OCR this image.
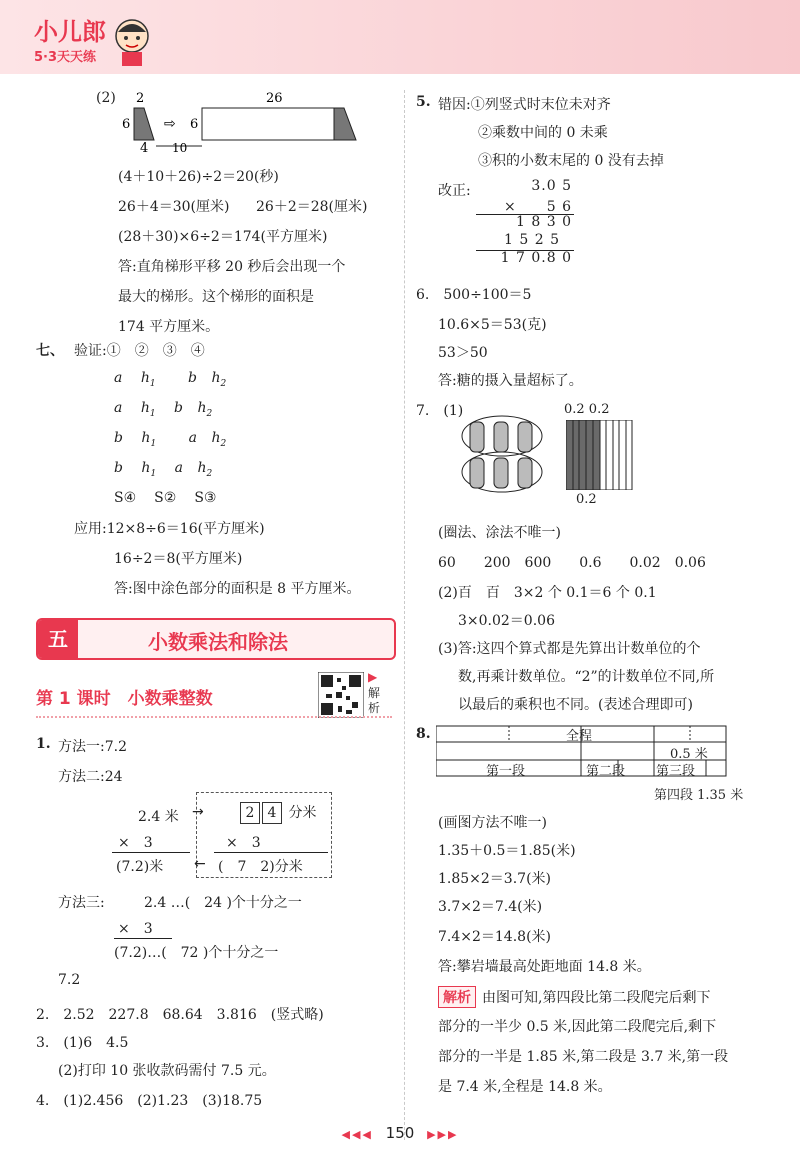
小儿郎
5·3天天练
(2) 2
6
4
⇨ 6
26
10
(4＋10＋26)÷2＝20(秒)
26＋4＝30(厘米) 26＋2＝28(厘米)
(28＋30)×6÷2＝174(平方厘米)
答:直角梯形平移 20 秒后会出现一个
最大的梯形。这个梯形的面积是
174 平方厘米。
七、 验证:①　②　③　④
a $h_1$ b $h_2$
a $h_1$ b $h_2$
b $h_1$ a $h_2$
b $h_1$ a $h_2$
S④ S② S③
应用:12×8÷6＝16(平方厘米)
16÷2＝8(平方厘米)
答:图中涂色部分的面积是 8 平方厘米。
五	小数乘法和除法
第 1 课时　小数乘整数
▶
解析
1. 方法一:7.2
方法二:24
2.4 米 →	2 4 分米
×　3	×　3
(7.2)米 ← (　7　2)分米
方法三:	2.4 …(　24 )个十分之一
×　3
(7.2)…(　72 )个十分之一
7.2
2.　2.52　227.8　68.64　3.816　(竖式略)
3.　(1)6　4.5
(2)打印 10 张收款码需付 7.5 元。
4.　(1)2.456　(2)1.23　(3)18.75
5. 错因:①列竖式时末位未对齐
②乘数中间的 0 未乘
③积的小数末尾的 0 没有去掉
改正:	3.0 5
×　　5 6
1 8 3 0
1 5 2 5
1 7 0.8 0
6.　500÷100＝5
10.6×5＝53(克)
53＞50
答:糖的摄入量超标了。
7.　(1)	0.2 0.2
0.2
(圈法、涂法不唯一)
60　　200　600　　0.6　　0.02　0.06
(2)百　百　3×2 个 0.1＝6 个 0.1
3×0.02＝0.06
(3)答:这四个算式都是先算出计数单位的个
数,再乘计数单位。“2”的计数单位不同,所
以最后的乘积也不同。(表述合理即可)
8.	全程
0.5 米
第一段	第二段 第三段
第四段 1.35 米
(画图方法不唯一)
1.35＋0.5＝1.85(米)
1.85×2＝3.7(米)
3.7×2＝7.4(米)
7.4×2＝14.8(米)
答:攀岩墙最高处距地面 14.8 米。
解析 由图可知,第四段比第二段爬完后剩下
部分的一半少 0.5 米,因此第二段爬完后,剩下
部分的一半是 1.85 米,第二段是 3.7 米,第一段
是 7.4 米,全程是 14.8 米。
◀◀◀ 150 ▶▶▶
